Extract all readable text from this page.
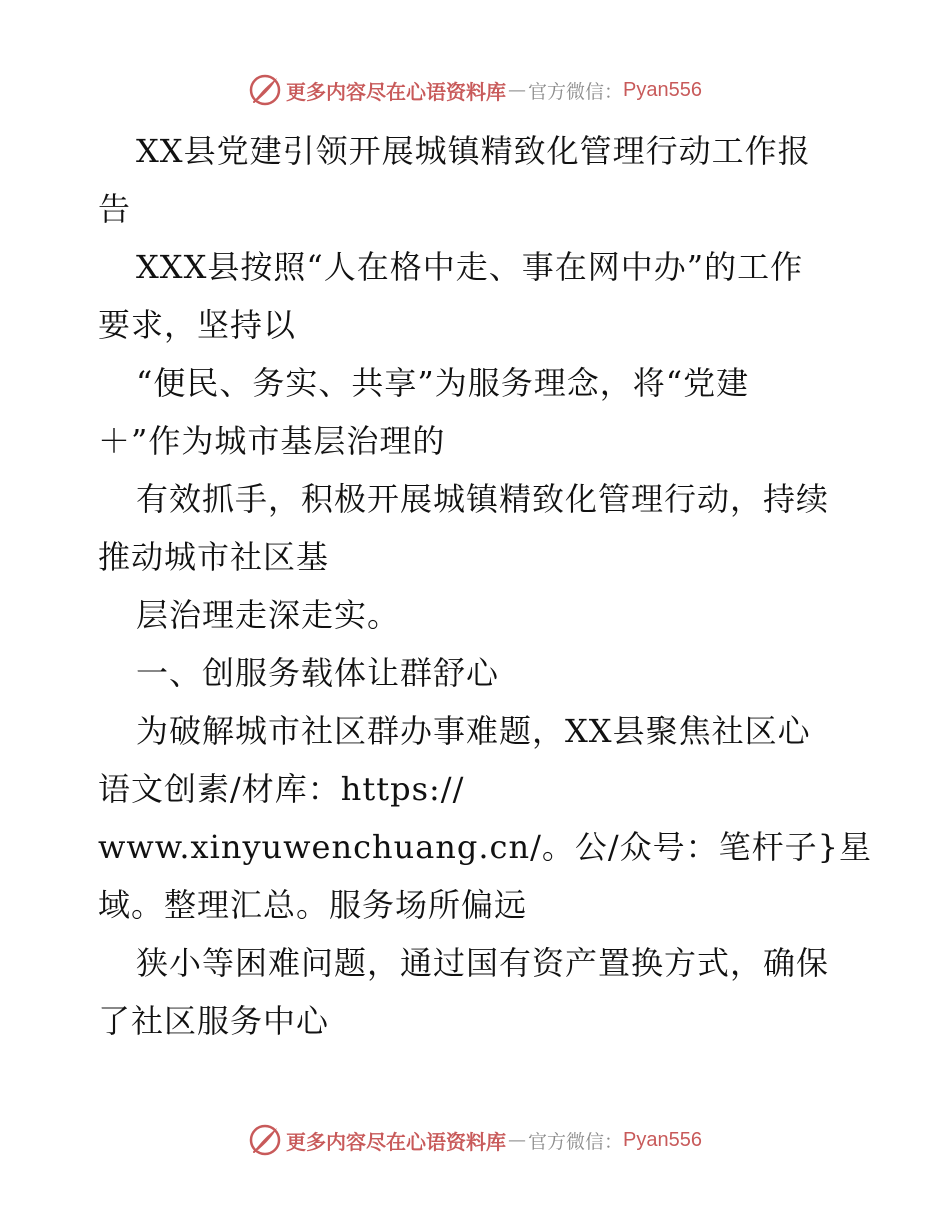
更多内容尽在心语资料库 — 官方微信： Pyan556
XX县党建引领开展城镇精致化管理行动工作报
告
XXX县按照“人在格中走、事在网中办”的工作
要求，坚持以
“便民、务实、共享”为服务理念，将“党建
＋”作为城市基层治理的
有效抓手，积极开展城镇精致化管理行动，持续
推动城市社区基
层治理走深走实。
一、创服务载体让群舒心
为破解城市社区群办事难题，XX县聚焦社区心
语文创素/材库：https://
www.xinyuwenchuang.cn/。公/众号：笔杆子}星
域。整理汇总。服务场所偏远
狭小等困难问题，通过国有资产置换方式，确保
了社区服务中心
更多内容尽在心语资料库 — 官方微信： Pyan556
